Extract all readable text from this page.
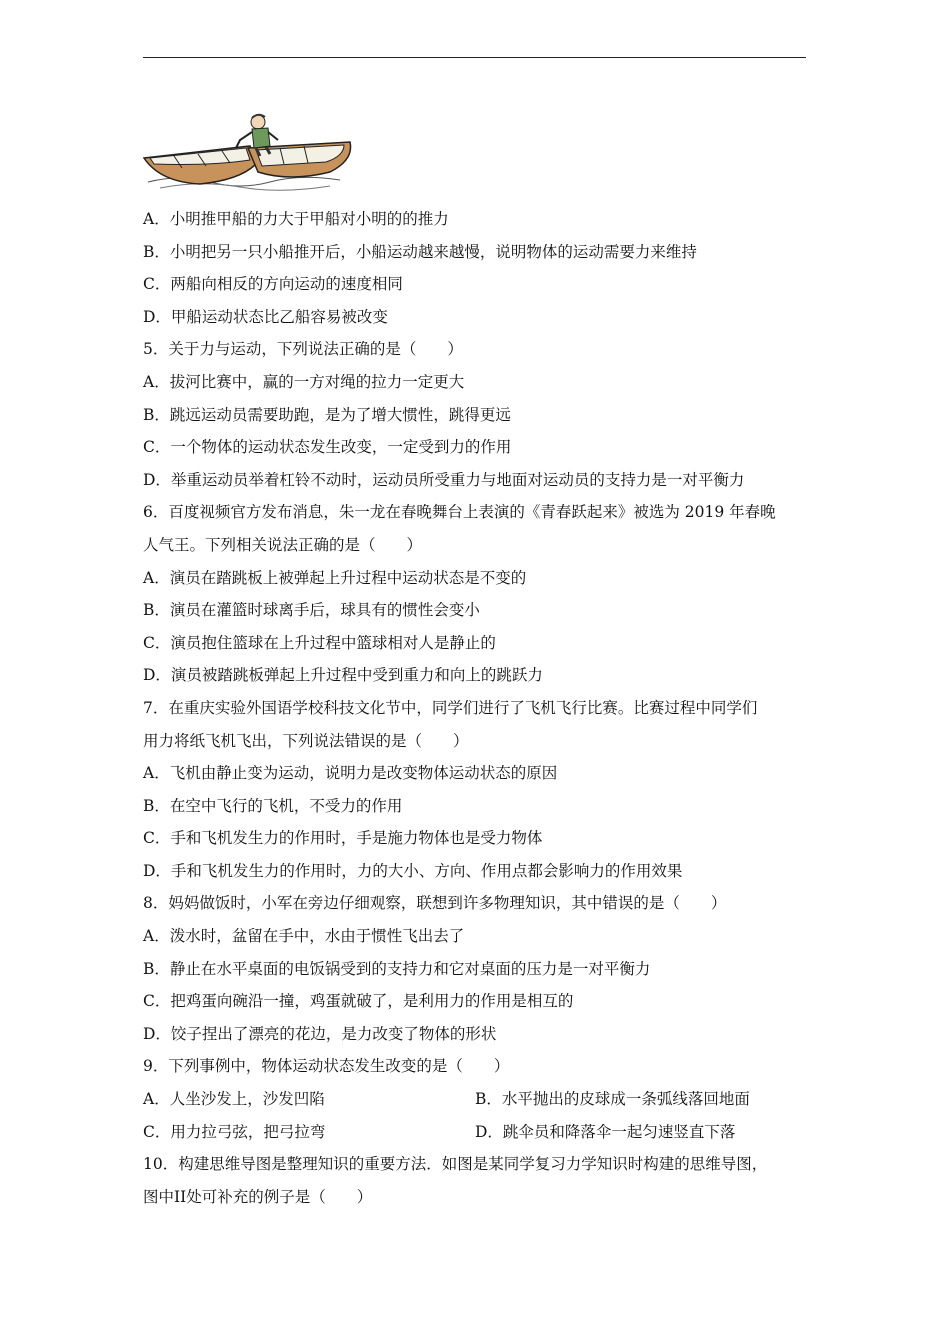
A．小明推甲船的力大于甲船对小明的的推力
B．小明把另一只小船推开后，小船运动越来越慢，说明物体的运动需要力来维持
C．两船向相反的方向运动的速度相同
D．甲船运动状态比乙船容易被改变
5．关于力与运动，下列说法正确的是（　　）
A．拔河比赛中，赢的一方对绳的拉力一定更大
B．跳远运动员需要助跑，是为了增大惯性，跳得更远
C．一个物体的运动状态发生改变，一定受到力的作用
D．举重运动员举着杠铃不动时，运动员所受重力与地面对运动员的支持力是一对平衡力
6．百度视频官方发布消息，朱一龙在春晚舞台上表演的《青春跃起来》被选为 2019 年春晚
人气王。下列相关说法正确的是（　　）
A．演员在踏跳板上被弹起上升过程中运动状态是不变的
B．演员在灌篮时球离手后，球具有的惯性会变小
C．演员抱住篮球在上升过程中篮球相对人是静止的
D．演员被踏跳板弹起上升过程中受到重力和向上的跳跃力
7．在重庆实验外国语学校科技文化节中，同学们进行了飞机飞行比赛。比赛过程中同学们
用力将纸飞机飞出，下列说法错误的是（　　）
A．飞机由静止变为运动，说明力是改变物体运动状态的原因
B．在空中飞行的飞机，不受力的作用
C．手和飞机发生力的作用时，手是施力物体也是受力物体
D．手和飞机发生力的作用时，力的大小、方向、作用点都会影响力的作用效果
8．妈妈做饭时，小军在旁边仔细观察，联想到许多物理知识，其中错误的是（　　）
A．泼水时，盆留在手中，水由于惯性飞出去了
B．静止在水平桌面的电饭锅受到的支持力和它对桌面的压力是一对平衡力
C．把鸡蛋向碗沿一撞，鸡蛋就破了，是利用力的作用是相互的
D．饺子捏出了漂亮的花边，是力改变了物体的形状
9．下列事例中，物体运动状态发生改变的是（　　）
A．人坐沙发上，沙发凹陷	B．水平抛出的皮球成一条弧线落回地面
C．用力拉弓弦，把弓拉弯	D．跳伞员和降落伞一起匀速竖直下落
10．构建思维导图是整理知识的重要方法．如图是某同学复习力学知识时构建的思维导图，
图中II处可补充的例子是（　　）
